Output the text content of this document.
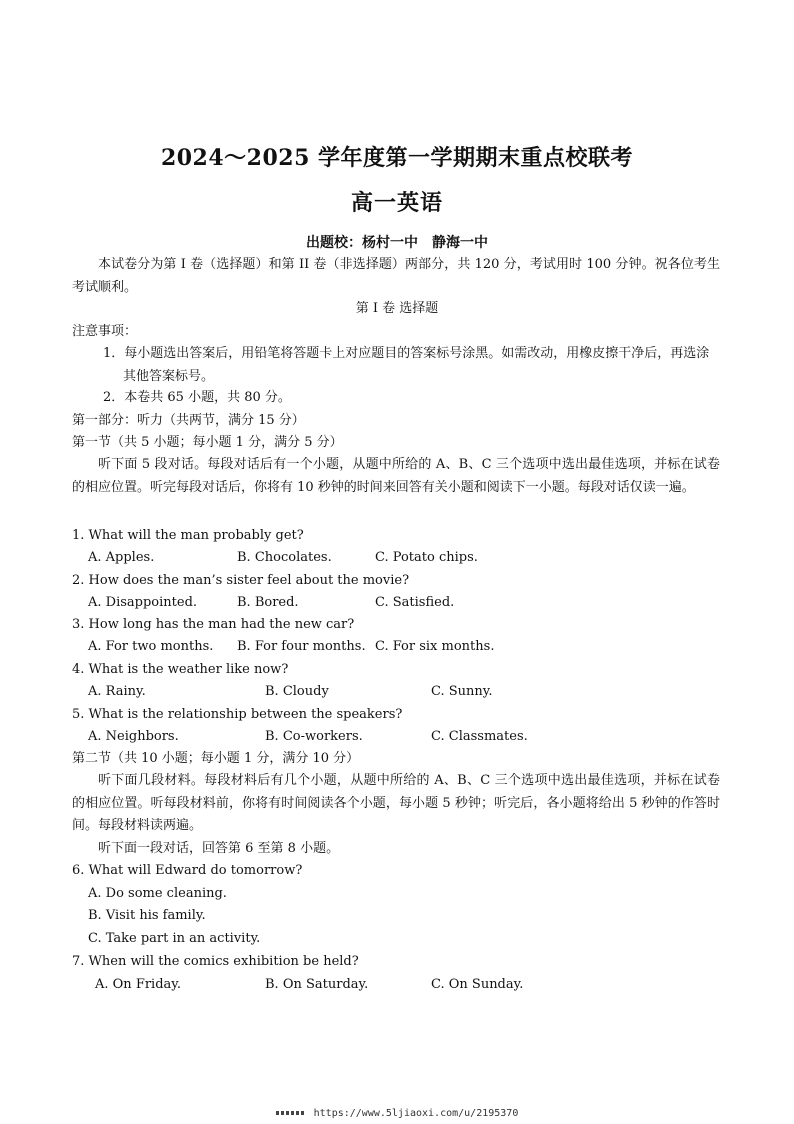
2024～2025 学年度第一学期期末重点校联考
高一英语
出题校：杨村一中 静海一中
本试卷分为第 I 卷（选择题）和第 II 卷（非选择题）两部分，共 120 分，考试用时 100 分钟。祝各位考生考试顺利。
第 I 卷 选择题
注意事项：
1．每小题选出答案后，用铅笔将答题卡上对应题目的答案标号涂黑。如需改动，用橡皮擦干净后，再选涂其他答案标号。
2．本卷共 65 小题，共 80 分。
第一部分：听力（共两节，满分 15 分）
第一节（共 5 小题；每小题 1 分，满分 5 分）
听下面 5 段对话。每段对话后有一个小题，从题中所给的 A、B、C 三个选项中选出最佳选项，并标在试卷的相应位置。听完每段对话后，你将有 10 秒钟的时间来回答有关小题和阅读下一小题。每段对话仅读一遍。
1. What will the man probably get?
A. Apples.	B. Chocolates.	C. Potato chips.
2. How does the man’s sister feel about the movie?
A. Disappointed.	B. Bored.	C. Satisfied.
3. How long has the man had the new car?
A. For two months. B. For four months. C. For six months.
4. What is the weather like now?
A. Rainy.	B. Cloudy	C. Sunny.
5. What is the relationship between the speakers?
A. Neighbors.	B. Co-workers.	C. Classmates.
第二节（共 10 小题；每小题 1 分，满分 10 分）
听下面几段材料。每段材料后有几个小题，从题中所给的 A、B、C 三个选项中选出最佳选项，并标在试卷的相应位置。听每段材料前，你将有时间阅读各个小题，每小题 5 秒钟；听完后，各小题将给出 5 秒钟的作答时间。每段材料读两遍。
听下面一段对话，回答第 6 至第 8 小题。
6. What will Edward do tomorrow?
A. Do some cleaning.
B. Visit his family.
C. Take part in an activity.
7. When will the comics exhibition be held?
A. On Friday.	B. On Saturday.	C. On Sunday.
https://www.5ljiaoxi.com/u/2195370
